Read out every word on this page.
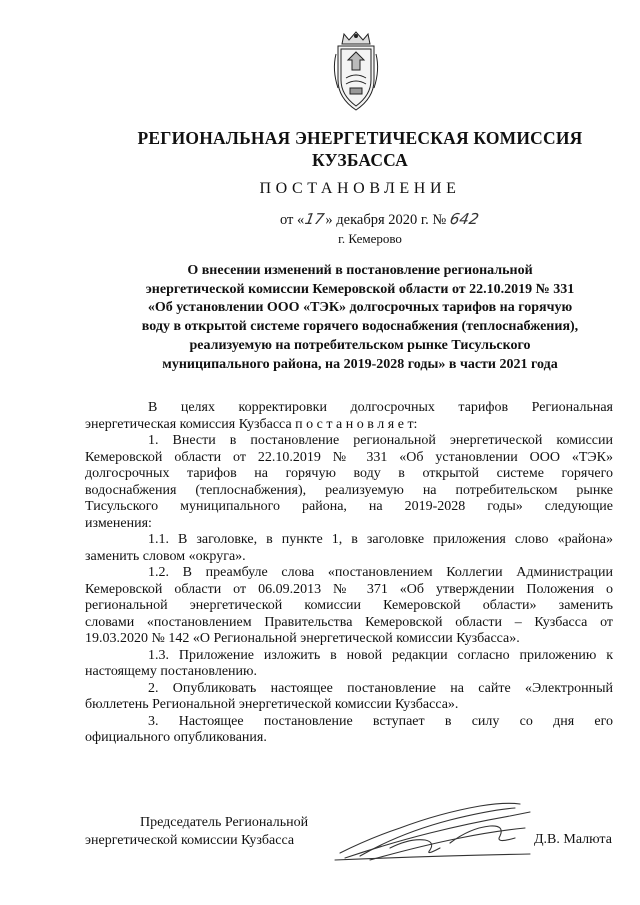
РЕГИОНАЛЬНАЯ ЭНЕРГЕТИЧЕСКАЯ КОМИССИЯ
КУЗБАССА
ПОСТАНОВЛЕНИЕ
от «17» декабря 2020 г. № 642
г. Кемерово
О внесении изменений в постановление региональной
энергетической комиссии Кемеровской области от 22.10.2019 № 331
«Об установлении ООО «ТЭК» долгосрочных тарифов на горячую
воду в открытой системе горячего водоснабжения (теплоснабжения),
реализуемую на потребительском рынке Тисульского
муниципального района, на 2019-2028 годы» в части 2021 года
В целях корректировки долгосрочных тарифов Региональная
энергетическая комиссия Кузбасса п о с т а н о в л я е т:
1. Внести в постановление региональной энергетической комиссии
Кемеровской области от 22.10.2019 № 331 «Об установлении ООО «ТЭК»
долгосрочных тарифов на горячую воду в открытой системе горячего
водоснабжения (теплоснабжения), реализуемую на потребительском рынке
Тисульского муниципального района, на 2019-2028 годы» следующие
изменения:
1.1. В заголовке, в пункте 1, в заголовке приложения слово «района»
заменить словом «округа».
1.2. В преамбуле слова «постановлением Коллегии Администрации
Кемеровской области от 06.09.2013 № 371 «Об утверждении Положения о
региональной энергетической комиссии Кемеровской области» заменить
словами «постановлением Правительства Кемеровской области – Кузбасса от
19.03.2020 № 142 «О Региональной энергетической комиссии Кузбасса».
1.3. Приложение изложить в новой редакции согласно приложению к
настоящему постановлению.
2. Опубликовать настоящее постановление на сайте «Электронный
бюллетень Региональной энергетической комиссии Кузбасса».
3. Настоящее постановление вступает в силу со дня его
официального опубликования.
Председатель Региональной
энергетической комиссии Кузбасса	Д.В. Малюта
